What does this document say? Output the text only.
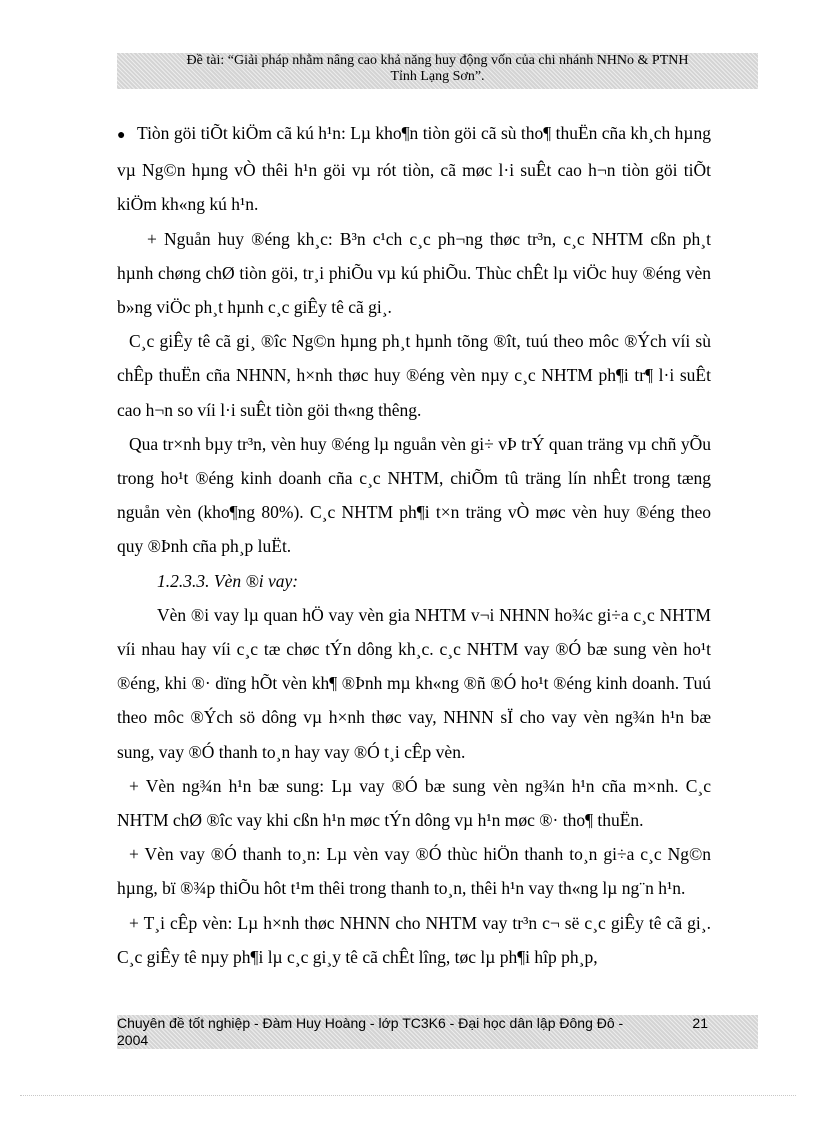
Đề tài: “Giải pháp nhằm nâng cao khả năng huy động vốn của chi nhánh NHNo & PTNH
Tỉnh Lạng Sơn”.

● Tiòn göi tiÕt kiÖm cã kú h¹n: Lµ kho¶n tiòn göi cã sù tho¶ thuËn cña kh¸ch hµng vµ Ng©n hµng vÒ thêi h¹n göi vµ rót tiòn, cã møc l·i suÊt cao h¬n tiòn göi tiÕt kiÖm kh«ng kú h¹n.

+ Nguån huy ®éng kh¸c: B³n c¹ch c¸c ph¬ng thøc tr³n, c¸c NHTM cßn ph¸t hµnh chøng chØ tiòn göi, tr¸i phiÕu vµ kú phiÕu. Thùc chÊt lµ viÖc huy ®éng vèn b»ng viÖc ph¸t hµnh c¸c giÊy tê cã gi¸.

C¸c giÊy tê cã gi¸ ®îc Ng©n hµng ph¸t hµnh tõng ®ît, tuú theo môc ®Ých víi sù chÊp thuËn cña NHNN, h×nh thøc huy ®éng vèn nµy c¸c NHTM ph¶i tr¶ l·i suÊt cao h¬n so víi l·i suÊt tiòn göi th«ng thêng.

Qua tr×nh bµy tr³n, vèn huy ®éng lµ nguån vèn gi÷ vÞ trÝ quan träng vµ chñ yÕu trong ho¹t ®éng kinh doanh cña c¸c NHTM, chiÕm tû träng lín nhÊt trong tæng nguån vèn (kho¶ng 80%). C¸c NHTM ph¶i t×n träng vÒ møc vèn huy ®éng theo quy ®Þnh cña ph¸p luËt.

1.2.3.3. Vèn ®i vay:

Vèn ®i vay lµ quan hÖ vay vèn gia NHTM v¬i NHNN ho¾c gi÷a c¸c NHTM víi nhau hay víi c¸c tæ chøc tÝn dông kh¸c. c¸c NHTM vay ®Ó bæ sung vèn ho¹t ®éng, khi ®· dïng hÕt vèn kh¶ ®Þnh mµ kh«ng ®ñ ®Ó ho¹t ®éng kinh doanh. Tuú theo môc ®Ých sö dông vµ h×nh thøc vay, NHNN sÏ cho vay vèn ng¾n h¹n bæ sung, vay ®Ó thanh to¸n hay vay ®Ó t¸i cÊp vèn.

+ Vèn ng¾n h¹n bæ sung: Lµ vay ®Ó bæ sung vèn ng¾n h¹n cña m×nh. C¸c NHTM chØ ®îc vay khi cßn h¹n møc tÝn dông vµ h¹n møc ®· tho¶ thuËn.

+ Vèn vay ®Ó thanh to¸n: Lµ vèn vay ®Ó thùc hiÖn thanh to¸n gi÷a c¸c Ng©n hµng, bï ®¾p thiÕu hôt t¹m thêi trong thanh to¸n, thêi h¹n vay th«ng lµ ng¨n h¹n.

+ T¸i cÊp vèn: Lµ h×nh thøc NHNN cho NHTM vay tr³n c¬ së c¸c giÊy tê cã gi¸. C¸c giÊy tê nµy ph¶i lµ c¸c gi¸y tê cã chÊt lîng, tøc lµ ph¶i hîp ph¸p,

Chuyên đề tốt nghiệp - Đàm Huy Hoàng - lớp TC3K6 - Đại học dân lập Đông Đô -	21
2004
